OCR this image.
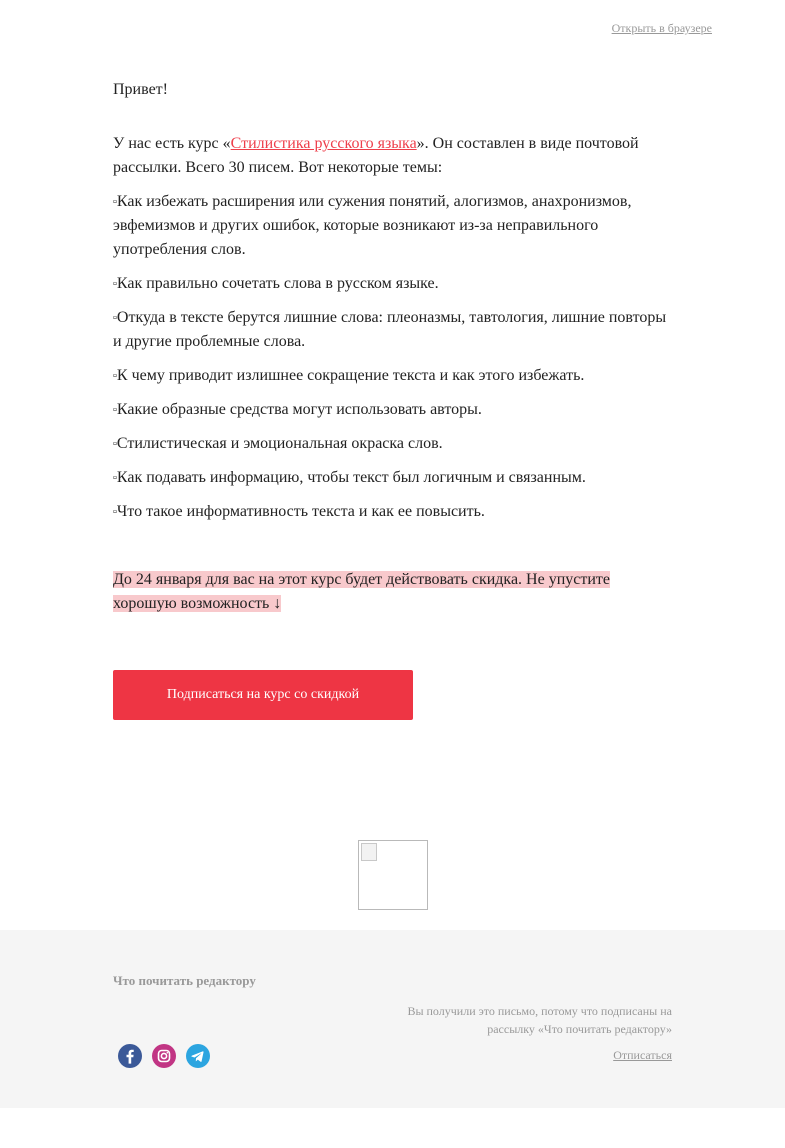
Открыть в браузере

Привет!

У нас есть курс «Стилистика русского языка». Он составлен в виде почтовой рассылки. Всего 30 писем. Вот некоторые темы:

▫Как избежать расширения или сужения понятий, алогизмов, анахронизмов, эвфемизмов и других ошибок, которые возникают из-за неправильного употребления слов.
▫Как правильно сочетать слова в русском языке.
▫Откуда в тексте берутся лишние слова: плеоназмы, тавтология, лишние повторы и другие проблемные слова.
▫К чему приводит излишнее сокращение текста и как этого избежать.
▫Какие образные средства могут использовать авторы.
▫Стилистическая и эмоциональная окраска слов.
▫Как подавать информацию, чтобы текст был логичным и связанным.
▫Что такое информативность текста и как ее повысить.

До 24 января для вас на этот курс будет действовать скидка. Не упустите хорошую возможность ↓

Подписаться на курс со скидкой
Что почитать редактору
Вы получили это письмо, потому что подписаны на рассылку «Что почитать редактору»
Отписаться
